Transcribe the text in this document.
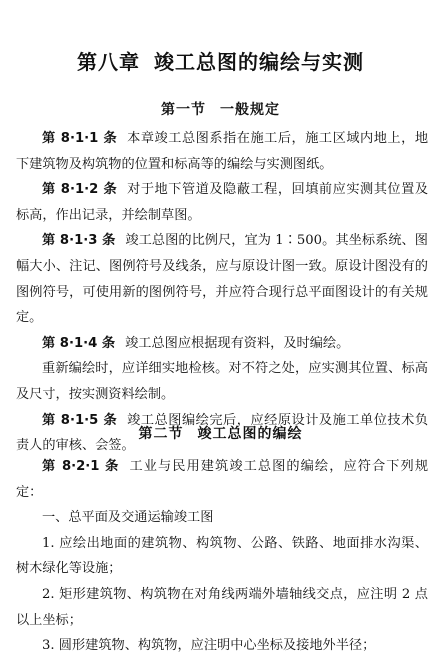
第八章 竣工总图的编绘与实测
第一节 一般规定

第 8·1·1 条 本章竣工总图系指在施工后，施工区域内地上，地下建筑物及构筑物的位置和标高等的编绘与实测图纸。

第 8·1·2 条 对于地下管道及隐蔽工程，回填前应实测其位置及标高，作出记录，并绘制草图。

第 8·1·3 条 竣工总图的比例尺，宜为 1∶500。其坐标系统、图幅大小、注记、图例符号及线条，应与原设计图一致。原设计图没有的图例符号，可使用新的图例符号，并应符合现行总平面图设计的有关规定。

第 8·1·4 条 竣工总图应根据现有资料，及时编绘。

重新编绘时，应详细实地检核。对不符之处，应实测其位置、标高及尺寸，按实测资料绘制。

第 8·1·5 条 竣工总图编绘完后，应经原设计及施工单位技术负责人的审核、会签。

第二节 竣工总图的编绘

第 8·2·1 条 工业与民用建筑竣工总图的编绘，应符合下列规定：

一、总平面及交通运输竣工图

1. 应绘出地面的建筑物、构筑物、公路、铁路、地面排水沟渠、树木绿化等设施；

2. 矩形建筑物、构筑物在对角线两端外墙轴线交点，应注明 2 点以上坐标；

3. 圆形建筑物、构筑物，应注明中心坐标及接地外半径；
